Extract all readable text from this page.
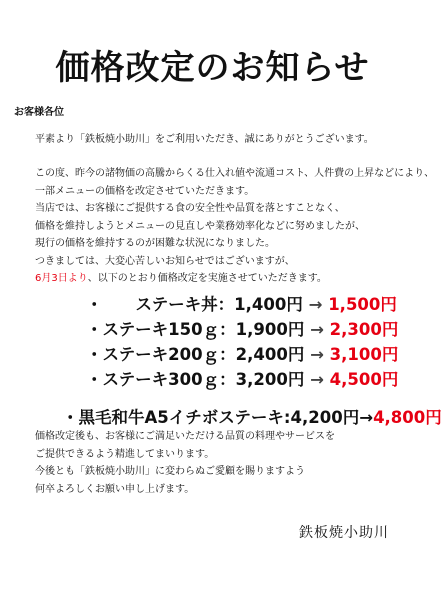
価格改定のお知らせ
お客様各位
平素より「鉄板焼小助川」をご利用いただき、誠にありがとうございます。
この度、昨今の諸物価の高騰からくる仕入れ値や流通コスト、人件費の上昇などにより、
一部メニューの価格を改定させていただきます。
当店では、お客様にご提供する食の安全性や品質を落とすことなく、
価格を維持しようとメニューの見直しや業務効率化などに努めましたが、
現行の価格を維持するのが困難な状況になりました。
つきましては、大変心苦しいお知らせではございますが、
6月3日より、以下のとおり価格改定を実施させていただきます。
・　　ステーキ丼：1,400円 → 1,500円
・ステーキ150ｇ：1,900円 → 2,300円
・ステーキ200ｇ：2,400円 → 3,100円
・ステーキ300ｇ：3,200円 → 4,500円
・黒毛和牛A5イチボステーキ:4,200円→4,800円
価格改定後も、お客様にご満足いただける品質の料理やサービスを
ご提供できるよう精進してまいります。
今後とも「鉄板焼小助川」に変わらぬご愛顧を賜りますよう
何卒よろしくお願い申し上げます。
鉄板焼小助川
